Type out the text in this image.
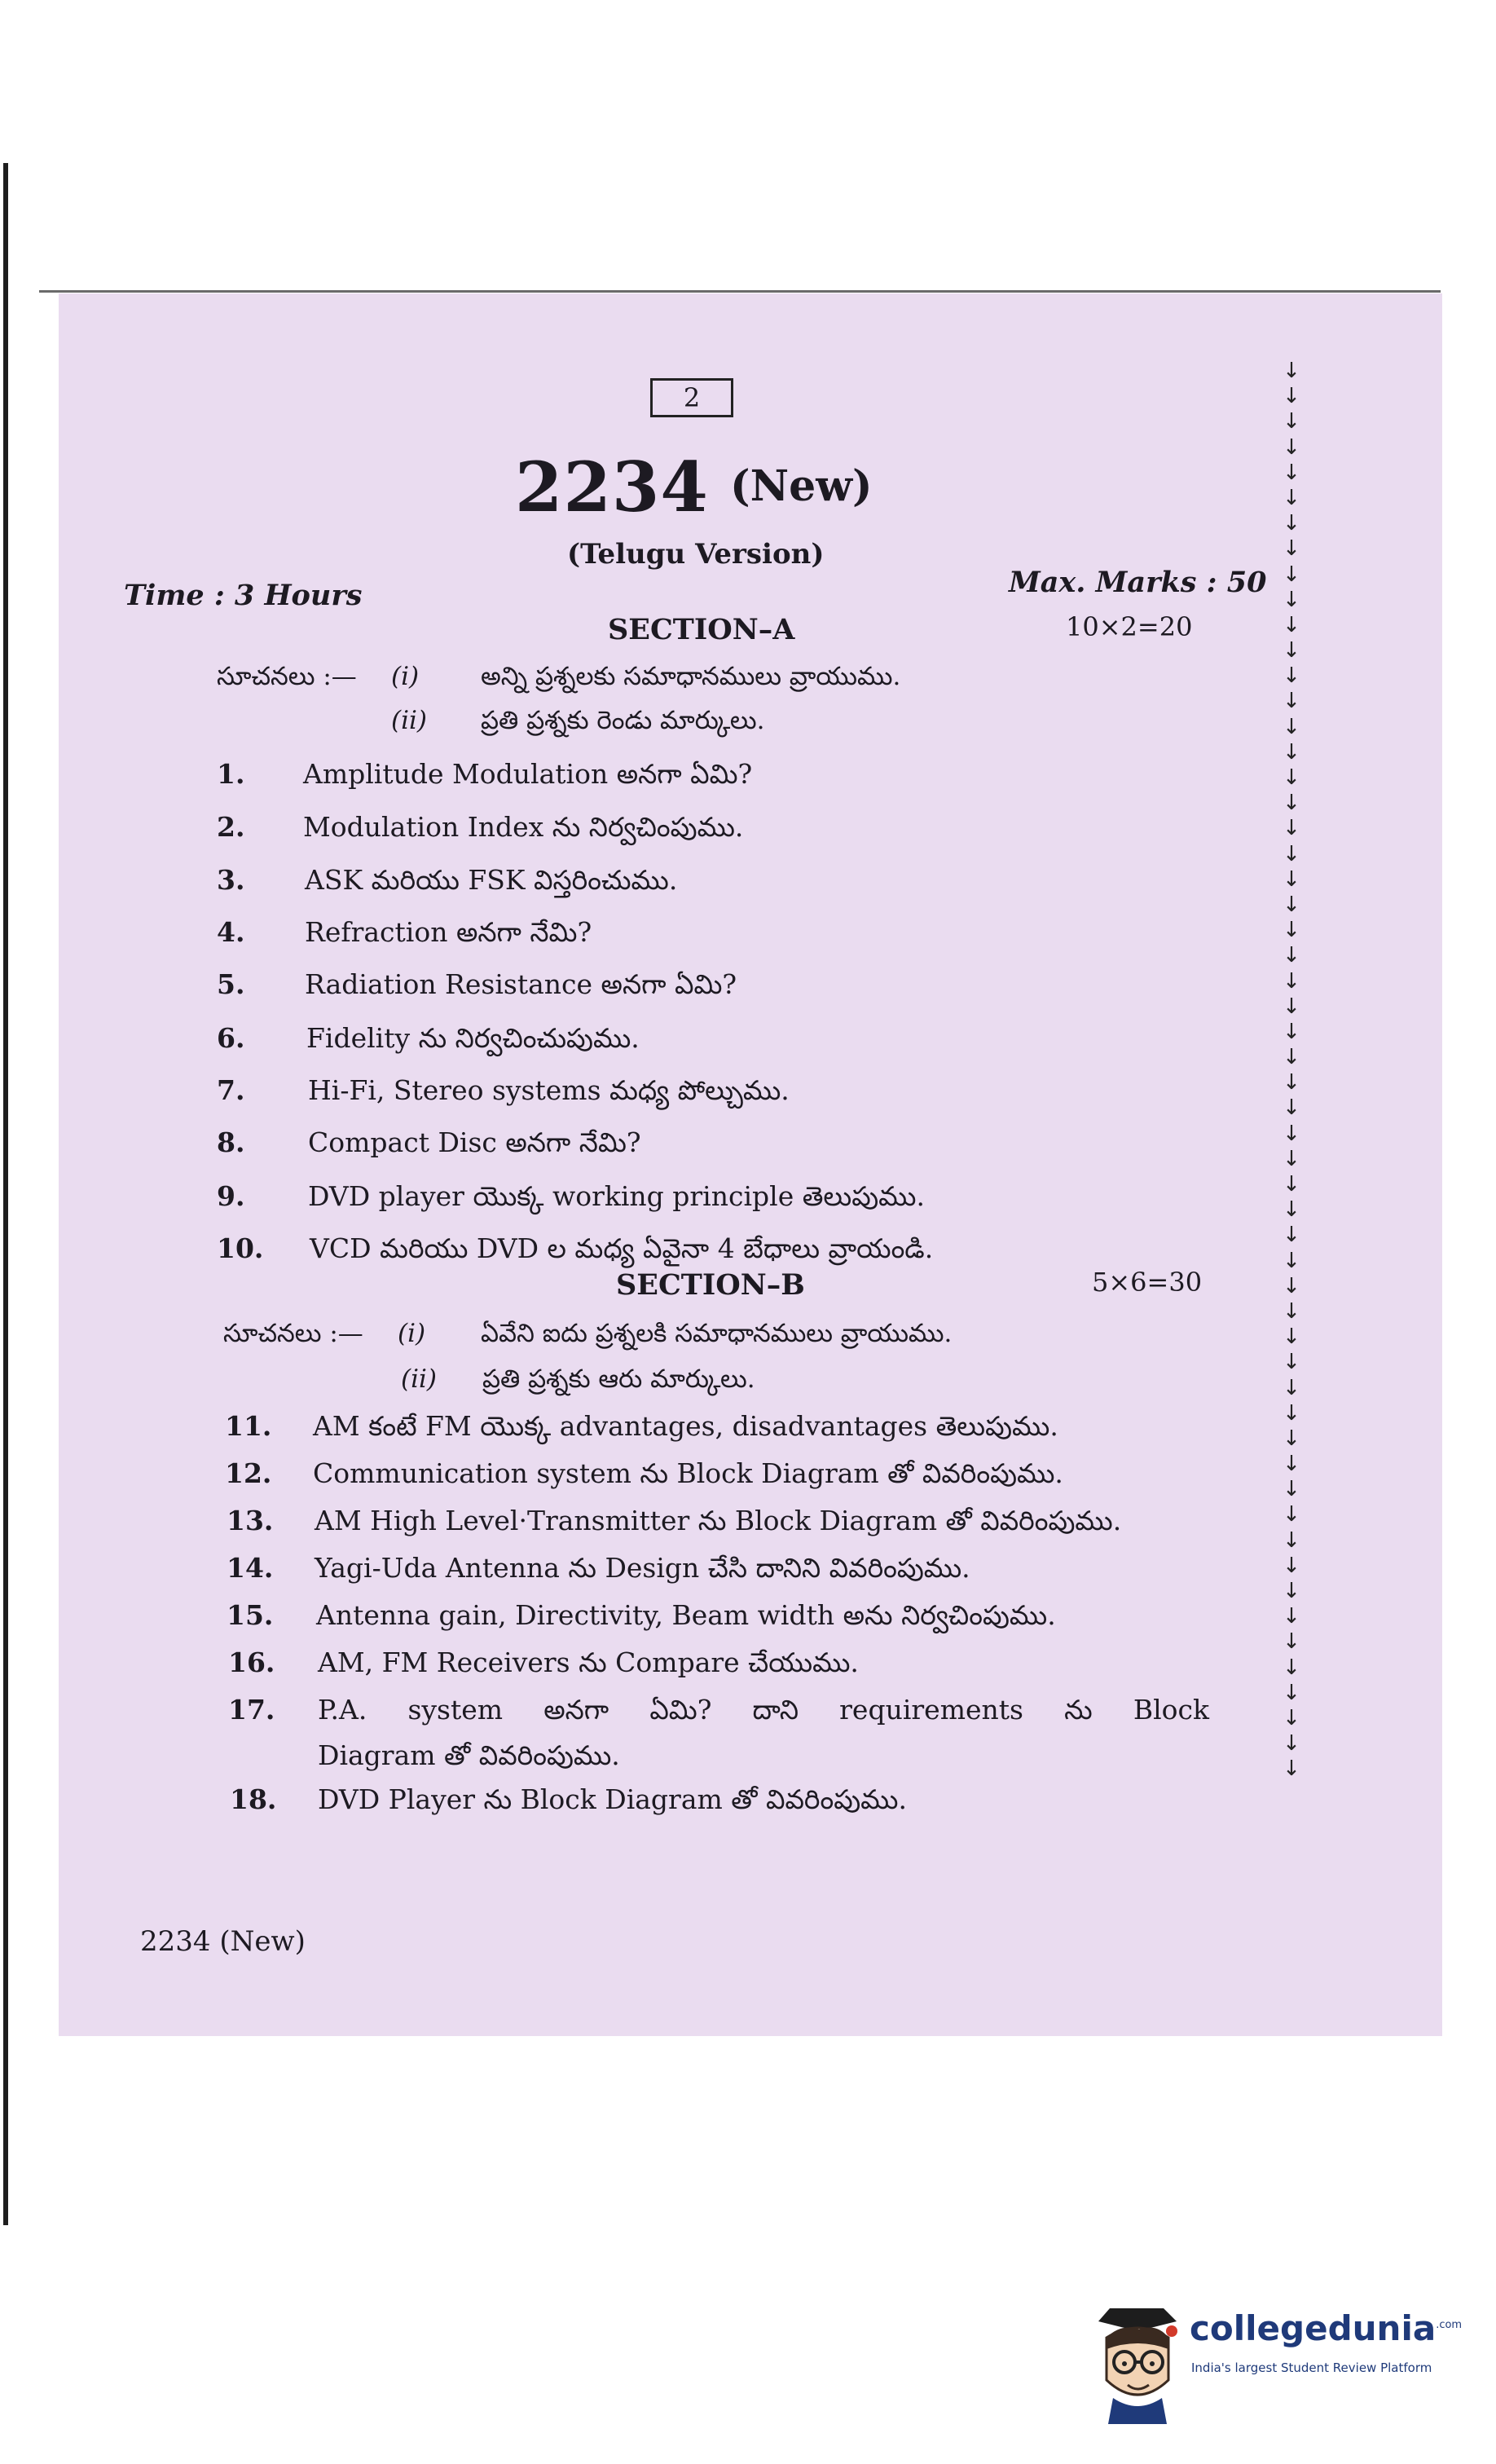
2
2234 (New)
(Telugu Version)
Time : 3 Hours	Max. Marks : 50
SECTION–A	10×2=20
సూచనలు :— (i) అన్ని ప్రశ్నలకు సమాధానములు వ్రాయుము.
(ii) ప్రతి ప్రశ్నకు రెండు మార్కులు.
1. Amplitude Modulation అనగా ఏమి?
2. Modulation Index ను నిర్వచింపుము.
3. ASK మరియు FSK విస్తరించుము.
4. Refraction అనగా నేమి?
5. Radiation Resistance అనగా ఏమి?
6. Fidelity ను నిర్వచించుపుము.
7. Hi-Fi, Stereo systems మధ్య పోల్చుము.
8. Compact Disc అనగా నేమి?
9. DVD player యొక్క working principle తెలుపుము.
10. VCD మరియు DVD ల మధ్య ఏవైనా 4 బేధాలు వ్రాయండి.
SECTION–B	5×6=30
సూచనలు :— (i) ఏవేని ఐదు ప్రశ్నలకి సమాధానములు వ్రాయుము.
(ii) ప్రతి ప్రశ్నకు ఆరు మార్కులు.
11. AM కంటే FM యొక్క advantages, disadvantages తెలుపుము.
12. Communication system ను Block Diagram తో వివరింపుము.
13. AM High Level·Transmitter ను Block Diagram తో వివరింపుము.
14. Yagi-Uda Antenna ను Design చేసి దానిని వివరింపుము.
15. Antenna gain, Directivity, Beam width అను నిర్వచింపుము.
16. AM, FM Receivers ను Compare చేయుము.
17. P.A. system అనగా ఏమి? దాని requirements ను Block
Diagram తో వివరింపుము.
18. DVD Player ను Block Diagram తో వివరింపుము.
2234 (New)
↓
↓
↓
↓
↓
↓
↓
↓
↓
↓
↓
↓
↓
↓
↓
↓
↓
↓
↓
↓
↓
↓
↓
↓
↓
↓
↓
↓
↓
↓
↓
↓
↓
↓
↓
↓
↓
↓
↓
↓
↓
↓
↓
↓
↓
↓
↓
↓
↓
↓
↓
↓
↓
↓
↓
↓
collegedunia$^{.com}$
India's largest Student Review Platform
